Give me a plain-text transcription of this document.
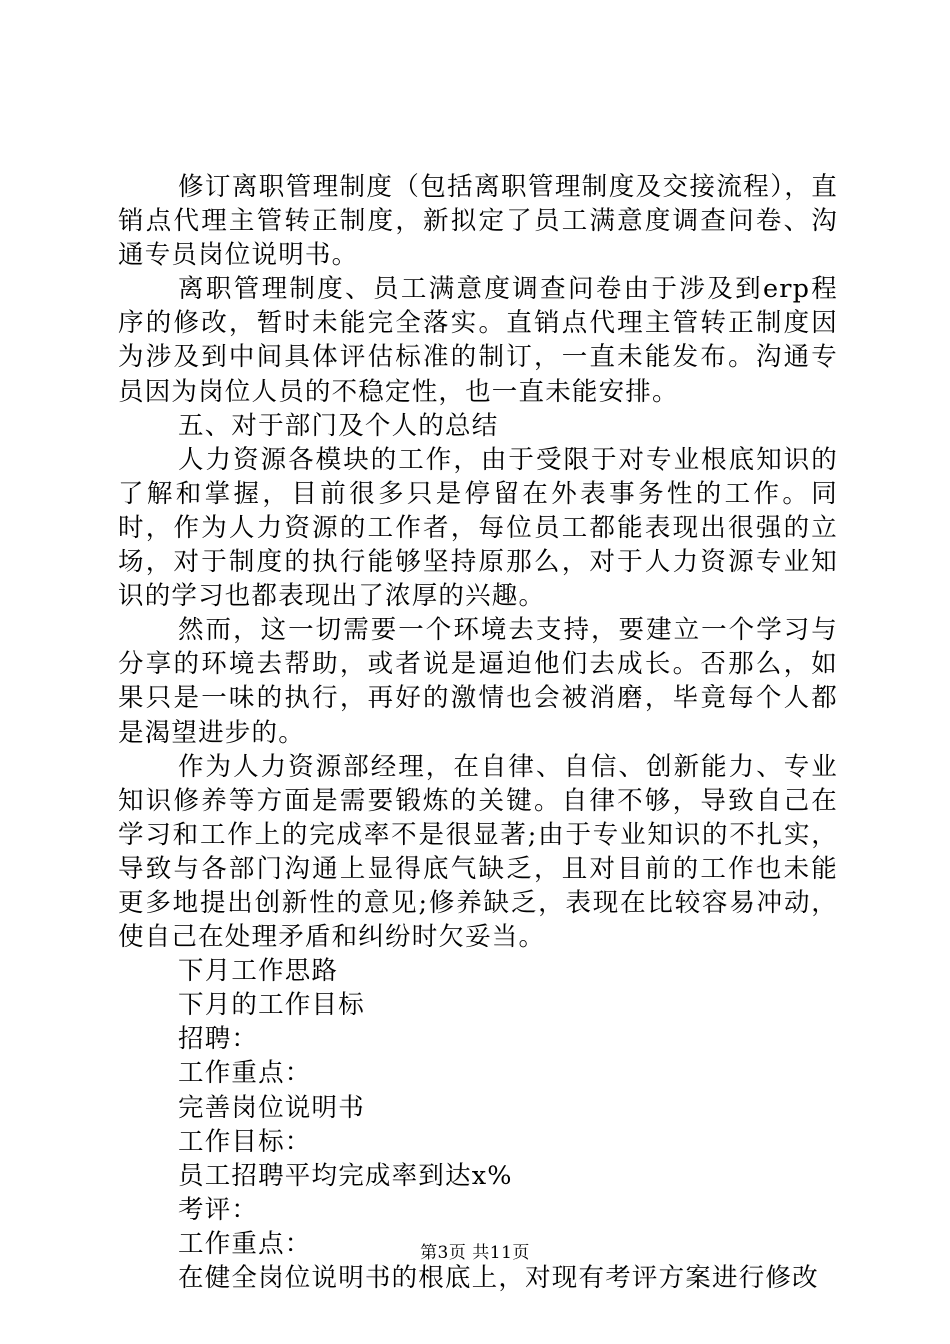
修订离职管理制度（包括离职管理制度及交接流程），直销点代理主管转正制度，新拟定了员工满意度调查问卷、沟通专员岗位说明书。

离职管理制度、员工满意度调查问卷由于涉及到erp程序的修改，暂时未能完全落实。直销点代理主管转正制度因为涉及到中间具体评估标准的制订，一直未能发布。沟通专员因为岗位人员的不稳定性，也一直未能安排。

五、对于部门及个人的总结

人力资源各模块的工作，由于受限于对专业根底知识的了解和掌握，目前很多只是停留在外表事务性的工作。同时，作为人力资源的工作者，每位员工都能表现出很强的立场，对于制度的执行能够坚持原那么，对于人力资源专业知识的学习也都表现出了浓厚的兴趣。

然而，这一切需要一个环境去支持，要建立一个学习与分享的环境去帮助，或者说是逼迫他们去成长。否那么，如果只是一味的执行，再好的激情也会被消磨，毕竟每个人都是渴望进步的。

作为人力资源部经理，在自律、自信、创新能力、专业知识修养等方面是需要锻炼的关键。自律不够，导致自己在学习和工作上的完成率不是很显著;由于专业知识的不扎实，导致与各部门沟通上显得底气缺乏，且对目前的工作也未能更多地提出创新性的意见;修养缺乏，表现在比较容易冲动，使自己在处理矛盾和纠纷时欠妥当。

下月工作思路

下月的工作目标

招聘：

工作重点：

完善岗位说明书

工作目标：

员工招聘平均完成率到达x%

考评：

工作重点：

在健全岗位说明书的根底上，对现有考评方案进行修改

第3页 共11页
